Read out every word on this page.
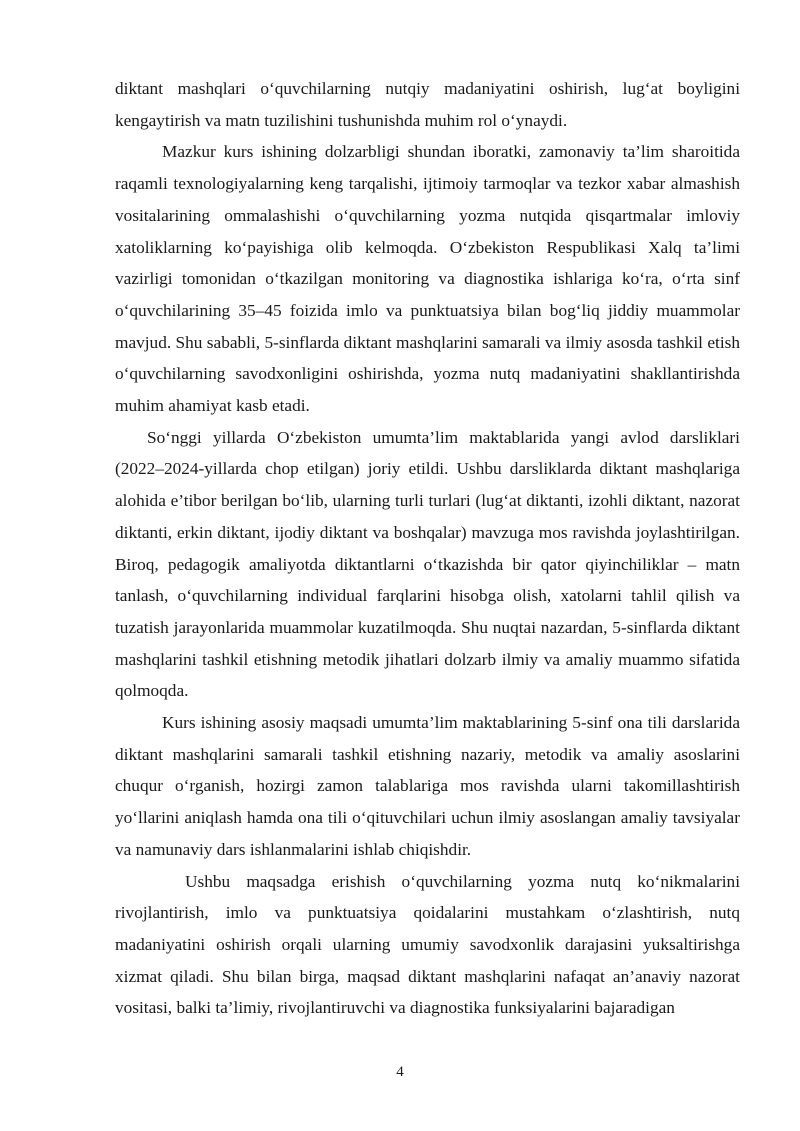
diktant mashqlari o‘quvchilarning nutqiy madaniyatini oshirish, lug‘at boyligini kengaytirish va matn tuzilishini tushunishda muhim rol o‘ynaydi.

Mazkur kurs ishining dolzarbligi shundan iboratki, zamonaviy ta’lim sharoitida raqamli texnologiyalarning keng tarqalishi, ijtimoiy tarmoqlar va tezkor xabar almashish vositalarining ommalashishi o‘quvchilarning yozma nutqida qisqartmalar imloviy xatoliklarning ko‘payishiga olib kelmoqda. O‘zbekiston Respublikasi Xalq ta’limi vazirligi tomonidan o‘tkazilgan monitoring va diagnostika ishlariga ko‘ra, o‘rta sinf o‘quvchilarining 35–45 foizida imlo va punktuatsiya bilan bog‘liq jiddiy muammolar mavjud. Shu sababli, 5-sinflarda diktant mashqlarini samarali va ilmiy asosda tashkil etish o‘quvchilarning savodxonligini oshirishda, yozma nutq madaniyatini shakllantirishda muhim ahamiyat kasb etadi.

So‘nggi yillarda O‘zbekiston umumta’lim maktablarida yangi avlod darsliklari (2022–2024-yillarda chop etilgan) joriy etildi. Ushbu darsliklarda diktant mashqlariga alohida e’tibor berilgan bo‘lib, ularning turli turlari (lug‘at diktanti, izohli diktant, nazorat diktanti, erkin diktant, ijodiy diktant va boshqalar) mavzuga mos ravishda joylashtirilgan. Biroq, pedagogik amaliyotda diktantlarni o‘tkazishda bir qator qiyinchiliklar – matn tanlash, o‘quvchilarning individual farqlarini hisobga olish, xatolarni tahlil qilish va tuzatish jarayonlarida muammolar kuzatilmoqda. Shu nuqtai nazardan, 5-sinflarda diktant mashqlarini tashkil etishning metodik jihatlari dolzarb ilmiy va amaliy muammo sifatida qolmoqda.

Kurs ishining asosiy maqsadi umumta’lim maktablarining 5-sinf ona tili darslarida diktant mashqlarini samarali tashkil etishning nazariy, metodik va amaliy asoslarini chuqur o‘rganish, hozirgi zamon talablariga mos ravishda ularni takomillashtirish yo‘llarini aniqlash hamda ona tili o‘qituvchilari uchun ilmiy asoslangan amaliy tavsiyalar va namunaviy dars ishlanmalarini ishlab chiqishdir.

Ushbu maqsadga erishish o‘quvchilarning yozma nutq ko‘nikmalarini rivojlantirish, imlo va punktuatsiya qoidalarini mustahkam o‘zlashtirish, nutq madaniyatini oshirish orqali ularning umumiy savodxonlik darajasini yuksaltirishga xizmat qiladi. Shu bilan birga, maqsad diktant mashqlarini nafaqat an’anaviy nazorat vositasi, balki ta’limiy, rivojlantiruvchi va diagnostika funksiyalarini bajaradigan

4
